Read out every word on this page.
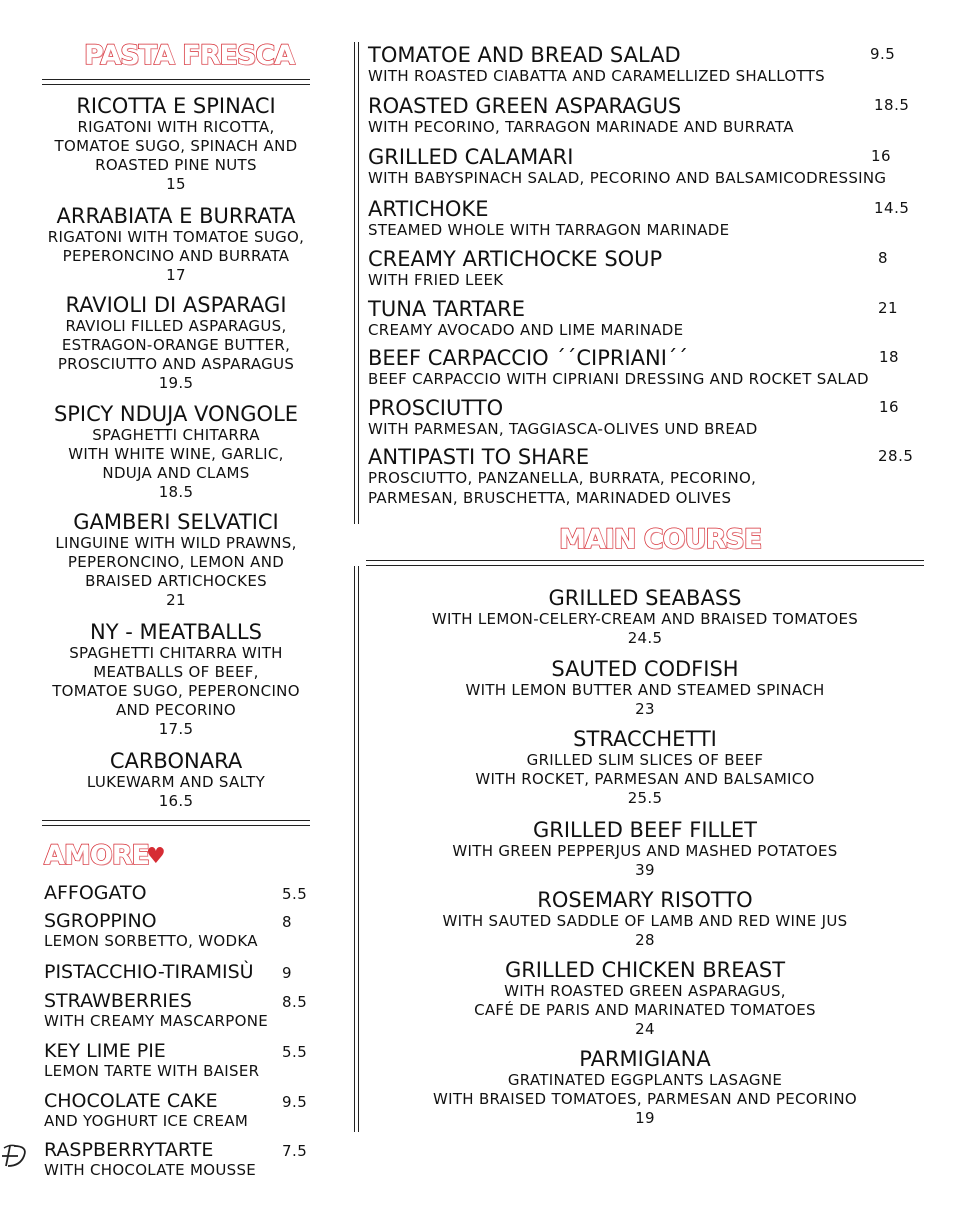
PASTA FRESCA
MAIN COURSE
AMORE
♥
RICOTTA E SPINACI
RIGATONI WITH RICOTTA,
TOMATOE SUGO, SPINACH AND
ROASTED PINE NUTS
15
ARRABIATA E BURRATA
RIGATONI WITH TOMATOE SUGO,
PEPERONCINO AND BURRATA
17
RAVIOLI DI ASPARAGI
RAVIOLI FILLED ASPARAGUS,
ESTRAGON-ORANGE BUTTER,
PROSCIUTTO AND ASPARAGUS
19.5
SPICY NDUJA VONGOLE
SPAGHETTI CHITARRA
WITH WHITE WINE, GARLIC,
NDUJA AND CLAMS
18.5
GAMBERI SELVATICI
LINGUINE WITH WILD PRAWNS,
PEPERONCINO, LEMON AND
BRAISED ARTICHOCKES
21
NY - MEATBALLS
SPAGHETTI CHITARRA WITH
MEATBALLS OF BEEF,
TOMATOE SUGO, PEPERONCINO
AND PECORINO
17.5
CARBONARA
LUKEWARM AND SALTY
16.5
TOMATOE AND BREAD SALAD
WITH ROASTED CIABATTA AND CARAMELLIZED SHALLOTTS
9.5
ROASTED GREEN ASPARAGUS
WITH PECORINO, TARRAGON MARINADE AND BURRATA
18.5
GRILLED CALAMARI
WITH BABYSPINACH SALAD, PECORINO AND BALSAMICODRESSING
16
ARTICHOKE
STEAMED WHOLE WITH TARRAGON MARINADE
14.5
CREAMY ARTICHOCKE SOUP
WITH FRIED LEEK
8
TUNA TARTARE
CREAMY AVOCADO AND LIME MARINADE
21
BEEF CARPACCIO ´´CIPRIANI´´
BEEF CARPACCIO WITH CIPRIANI DRESSING AND ROCKET SALAD
18
PROSCIUTTO
WITH PARMESAN, TAGGIASCA-OLIVES UND BREAD
16
ANTIPASTI TO SHARE
PROSCIUTTO, PANZANELLA, BURRATA, PECORINO,
PARMESAN, BRUSCHETTA, MARINADED OLIVES
28.5
GRILLED SEABASS
WITH LEMON-CELERY-CREAM AND BRAISED TOMATOES
24.5
SAUTED CODFISH
WITH LEMON BUTTER AND STEAMED SPINACH
23
STRACCHETTI
GRILLED SLIM SLICES OF BEEF
WITH ROCKET, PARMESAN AND BALSAMICO
25.5
GRILLED BEEF FILLET
WITH GREEN PEPPERJUS AND MASHED POTATOES
39
ROSEMARY RISOTTO
WITH SAUTED SADDLE OF LAMB AND RED WINE JUS
28
GRILLED CHICKEN BREAST
WITH ROASTED GREEN ASPARAGUS,
CAFÉ DE PARIS AND MARINATED TOMATOES
24
PARMIGIANA
GRATINATED EGGPLANTS LASAGNE
WITH BRAISED TOMATOES, PARMESAN AND PECORINO
19
AFFOGATO	5.5
SGROPPINO
LEMON SORBETTO, WODKA
8
PISTACCHIO-TIRAMISÙ	9
STRAWBERRIES
WITH CREAMY MASCARPONE
8.5
KEY LIME PIE
LEMON TARTE WITH BAISER
5.5
CHOCOLATE CAKE
AND YOGHURT ICE CREAM
9.5
RASPBERRYTARTE
WITH CHOCOLATE MOUSSE
7.5
